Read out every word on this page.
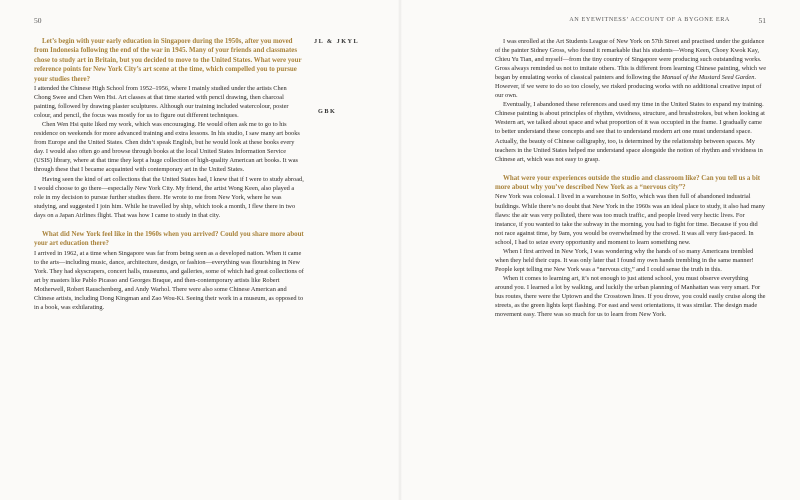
50
JL & JKYL
GBK

Let’s begin with your early education in Singapore during the 1950s, after you moved from Indonesia following the end of the war in 1945. Many of your friends and classmates chose to study art in Britain, but you decided to move to the United States. What were your reference points for New York City’s art scene at the time, which compelled you to pursue your studies there?

I attended the Chinese High School from 1952–1956, where I mainly studied under the artists Chen Chong Swee and Chen Wen Hsi. Art classes at that time started with pencil drawing, then charcoal painting, followed by drawing plaster sculptures. Although our training included watercolour, poster colour, and pencil, the focus was mostly for us to figure out different techniques.

Chen Wen Hsi quite liked my work, which was encouraging. He would often ask me to go to his residence on weekends for more advanced training and extra lessons. In his studio, I saw many art books from Europe and the United States. Chen didn’t speak English, but he would look at these books every day. I would also often go and browse through books at the local United States Information Service (USIS) library, where at that time they kept a huge collection of high-quality American art books. It was through these that I became acquainted with contemporary art in the United States.

Having seen the kind of art collections that the United States had, I knew that if I were to study abroad, I would choose to go there—especially New York City. My friend, the artist Wong Keen, also played a role in my decision to pursue further studies there. He wrote to me from New York, where he was studying, and suggested I join him. While he travelled by ship, which took a month, I flew there in two days on a Japan Airlines flight. That was how I came to study in that city.

What did New York feel like in the 1960s when you arrived? Could you share more about your art education there?

I arrived in 1962, at a time when Singapore was far from being seen as a developed nation. When it came to the arts—including music, dance, architecture, design, or fashion—everything was flourishing in New York. They had skyscrapers, concert halls, museums, and galleries, some of which had great collections of art by masters like Pablo Picasso and Georges Braque, and then-contemporary artists like Robert Motherwell, Robert Rauschenberg, and Andy Warhol. There were also some Chinese American and Chinese artists, including Dong Kingman and Zao Wou-Ki. Seeing their work in a museum, as opposed to in a book, was exhilarating.

AN EYEWITNESS’ ACCOUNT OF A BYGONE ERA	51

I was enrolled at the Art Students League of New York on 57th Street and practised under the guidance of the painter Sidney Gross, who found it remarkable that his students—Wong Keen, Choey Kwok Kay, Chieu Yu Tian, and myself—from the tiny country of Singapore were producing such outstanding works. Gross always reminded us not to imitate others. This is different from learning Chinese painting, which we began by emulating works of classical painters and following the Manual of the Mustard Seed Garden. However, if we were to do so too closely, we risked producing works with no additional creative input of our own.

Eventually, I abandoned these references and used my time in the United States to expand my training. Chinese painting is about principles of rhythm, vividness, structure, and brushstrokes, but when looking at Western art, we talked about space and what proportion of it was occupied in the frame. I gradually came to better understand these concepts and see that to understand modern art one must understand space. Actually, the beauty of Chinese calligraphy, too, is determined by the relationship between spaces. My teachers in the United States helped me understand space alongside the notion of rhythm and vividness in Chinese art, which was not easy to grasp.

What were your experiences outside the studio and classroom like? Can you tell us a bit more about why you’ve described New York as a “nervous city”?

New York was colossal. I lived in a warehouse in SoHo, which was then full of abandoned industrial buildings. While there’s no doubt that New York in the 1960s was an ideal place to study, it also had many flaws: the air was very polluted, there was too much traffic, and people lived very hectic lives. For instance, if you wanted to take the subway in the morning, you had to fight for time. Because if you did not race against time, by 9am, you would be overwhelmed by the crowd. It was all very fast-paced. In school, I had to seize every opportunity and moment to learn something new.

When I first arrived in New York, I was wondering why the hands of so many Americans trembled when they held their cups. It was only later that I found my own hands trembling in the same manner! People kept telling me New York was a “nervous city,” and I could sense the truth in this.

When it comes to learning art, it’s not enough to just attend school, you must observe everything around you. I learned a lot by walking, and luckily the urban planning of Manhattan was very smart. For bus routes, there were the Uptown and the Crosstown lines. If you drove, you could easily cruise along the streets, as the green lights kept flashing. For east and west orientations, it was similar. The design made movement easy. There was so much for us to learn from New York.
